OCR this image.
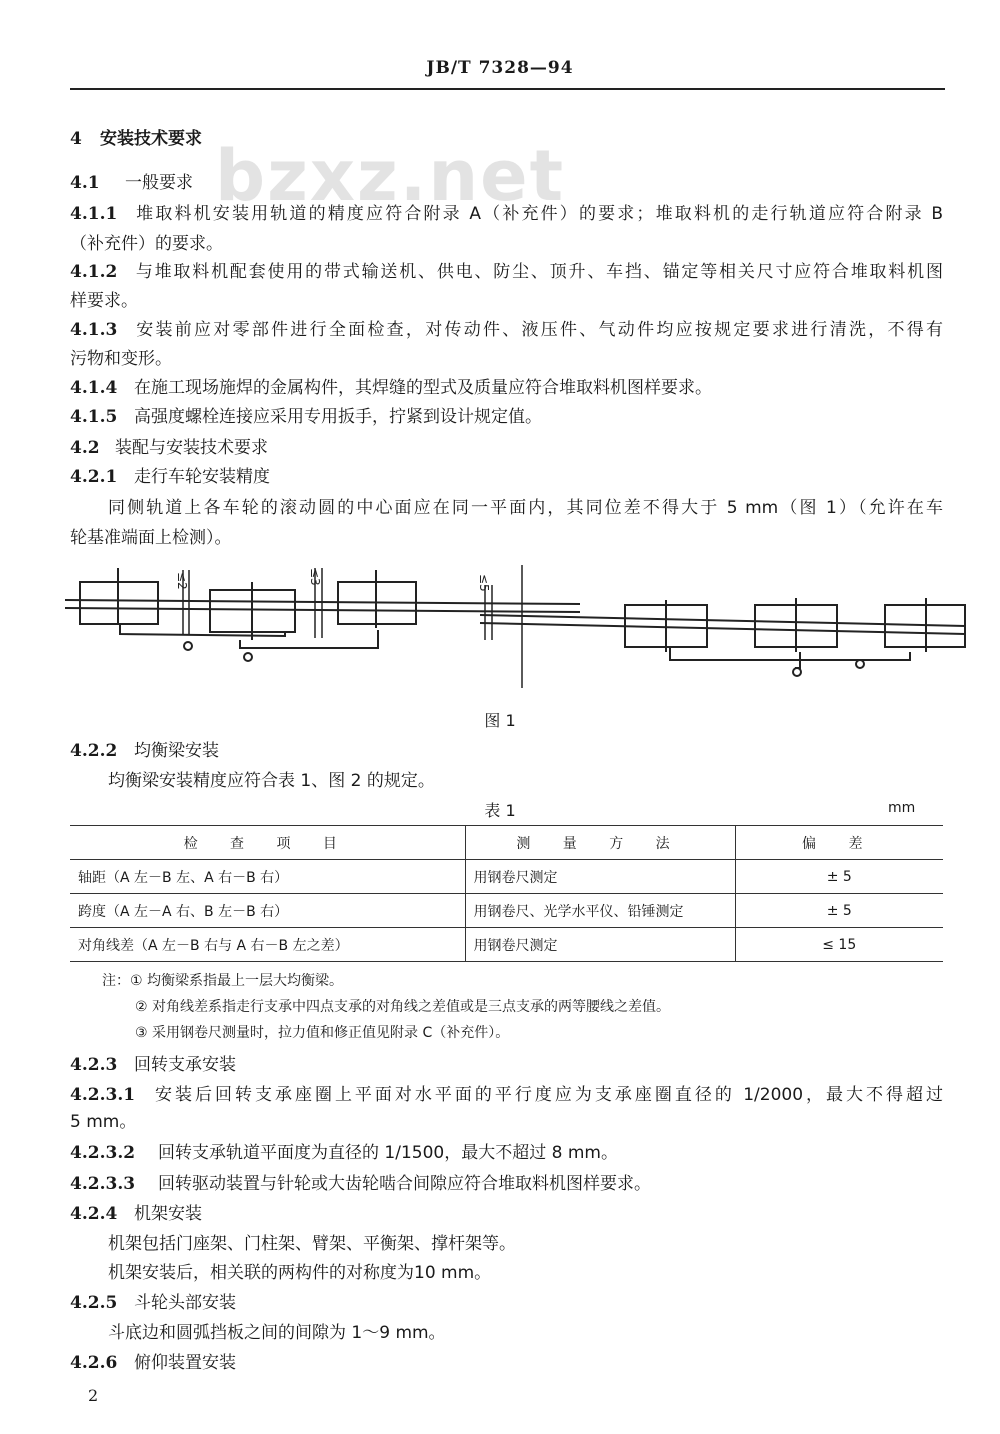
JB/T 7328—94
bzxz.net
4 安装技术要求
4.1 一般要求
4.1.1 堆取料机安装用轨道的精度应符合附录 A（补充件）的要求；堆取料机的走行轨道应符合附录 B
（补充件）的要求。
4.1.2 与堆取料机配套使用的带式输送机、供电、防尘、顶升、车挡、锚定等相关尺寸应符合堆取料机图
样要求。
4.1.3 安装前应对零部件进行全面检查，对传动件、液压件、气动件均应按规定要求进行清洗，不得有
污物和变形。
4.1.4 在施工现场施焊的金属构件，其焊缝的型式及质量应符合堆取料机图样要求。
4.1.5 高强度螺栓连接应采用专用扳手，拧紧到设计规定值。
4.2 装配与安装技术要求
4.2.1 走行车轮安装精度
同侧轨道上各车轮的滚动圆的中心面应在同一平面内，其同位差不得大于 5 mm（图 1）（允许在车
轮基准端面上检测）。
≤2	≤3	≤5
图 1
4.2.2 均衡梁安装
均衡梁安装精度应符合表 1、图 2 的规定。
表 1	mm
检 查 项 目	测 量 方 法	偏 差
轴距（A 左－B 左、A 右－B 右）	用钢卷尺测定	± 5
跨度（A 左－A 右、B 左－B 右）	用钢卷尺、光学水平仪、铅锤测定	± 5
对角线差（A 左－B 右与 A 右－B 左之差）	用钢卷尺测定	≤ 15
注：① 均衡梁系指最上一层大均衡梁。
② 对角线差系指走行支承中四点支承的对角线之差值或是三点支承的两等腰线之差值。
③ 采用钢卷尺测量时，拉力值和修正值见附录 C（补充件）。
4.2.3 回转支承安装
4.2.3.1 安装后回转支承座圈上平面对水平面的平行度应为支承座圈直径的 1/2000，最大不得超过
5 mm。
4.2.3.2 回转支承轨道平面度为直径的 1/1500，最大不超过 8 mm。
4.2.3.3 回转驱动装置与针轮或大齿轮啮合间隙应符合堆取料机图样要求。
4.2.4 机架安装
机架包括门座架、门柱架、臂架、平衡架、撑杆架等。
机架安装后，相关联的两构件的对称度为10 mm。
4.2.5 斗轮头部安装
斗底边和圆弧挡板之间的间隙为 1～9 mm。
4.2.6 俯仰装置安装
2
